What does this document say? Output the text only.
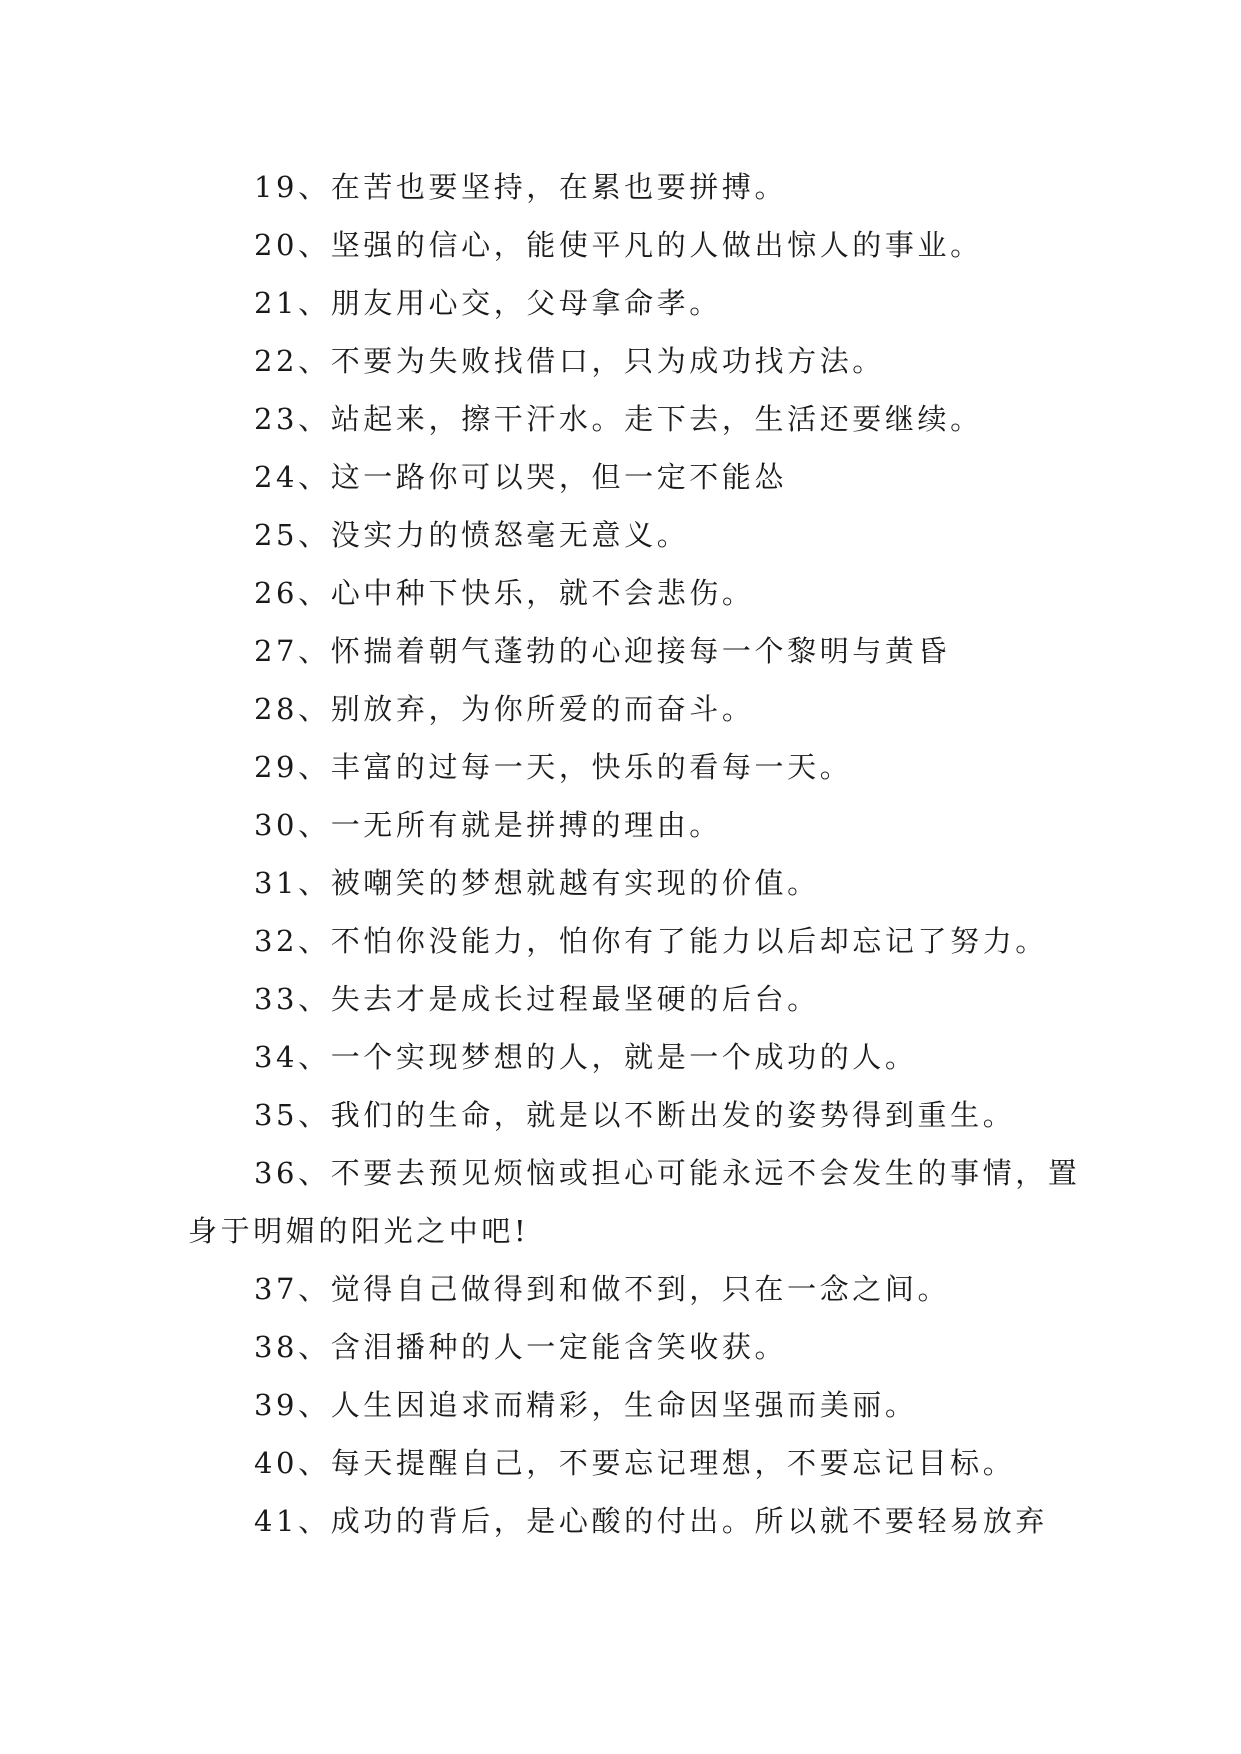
19、在苦也要坚持，在累也要拼搏。

20、坚强的信心，能使平凡的人做出惊人的事业。

21、朋友用心交，父母拿命孝。

22、不要为失败找借口，只为成功找方法。

23、站起来，擦干汗水。走下去，生活还要继续。

24、这一路你可以哭，但一定不能怂

25、没实力的愤怒毫无意义。

26、心中种下快乐，就不会悲伤。

27、怀揣着朝气蓬勃的心迎接每一个黎明与黄昏

28、别放弃，为你所爱的而奋斗。

29、丰富的过每一天，快乐的看每一天。

30、一无所有就是拼搏的理由。

31、被嘲笑的梦想就越有实现的价值。

32、不怕你没能力，怕你有了能力以后却忘记了努力。

33、失去才是成长过程最坚硬的后台。

34、一个实现梦想的人，就是一个成功的人。

35、我们的生命，就是以不断出发的姿势得到重生。

36、不要去预见烦恼或担心可能永远不会发生的事情，置身于明媚的阳光之中吧!

37、觉得自己做得到和做不到，只在一念之间。

38、含泪播种的人一定能含笑收获。

39、人生因追求而精彩，生命因坚强而美丽。

40、每天提醒自己，不要忘记理想，不要忘记目标。

41、成功的背后，是心酸的付出。所以就不要轻易放弃
